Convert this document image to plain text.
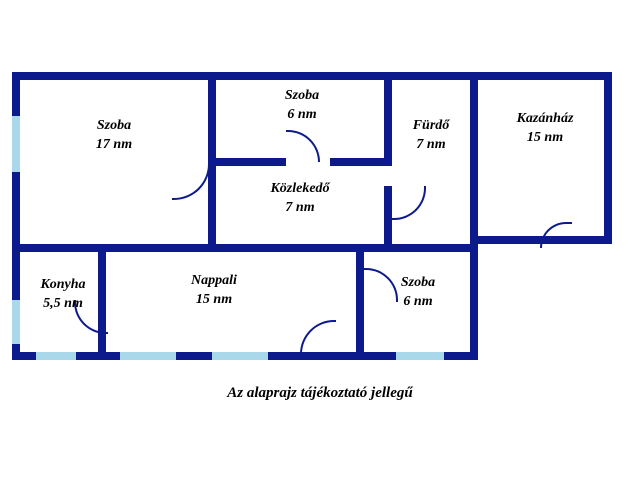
Szoba
17 nm
Szoba
6 nm
Fürdő
7 nm
Kazánház
15 nm
Közlekedő
7 nm
Konyha
5,5 nm
Nappali
15 nm
Szoba
6 nm
Az alaprajz tájékoztató jellegű
